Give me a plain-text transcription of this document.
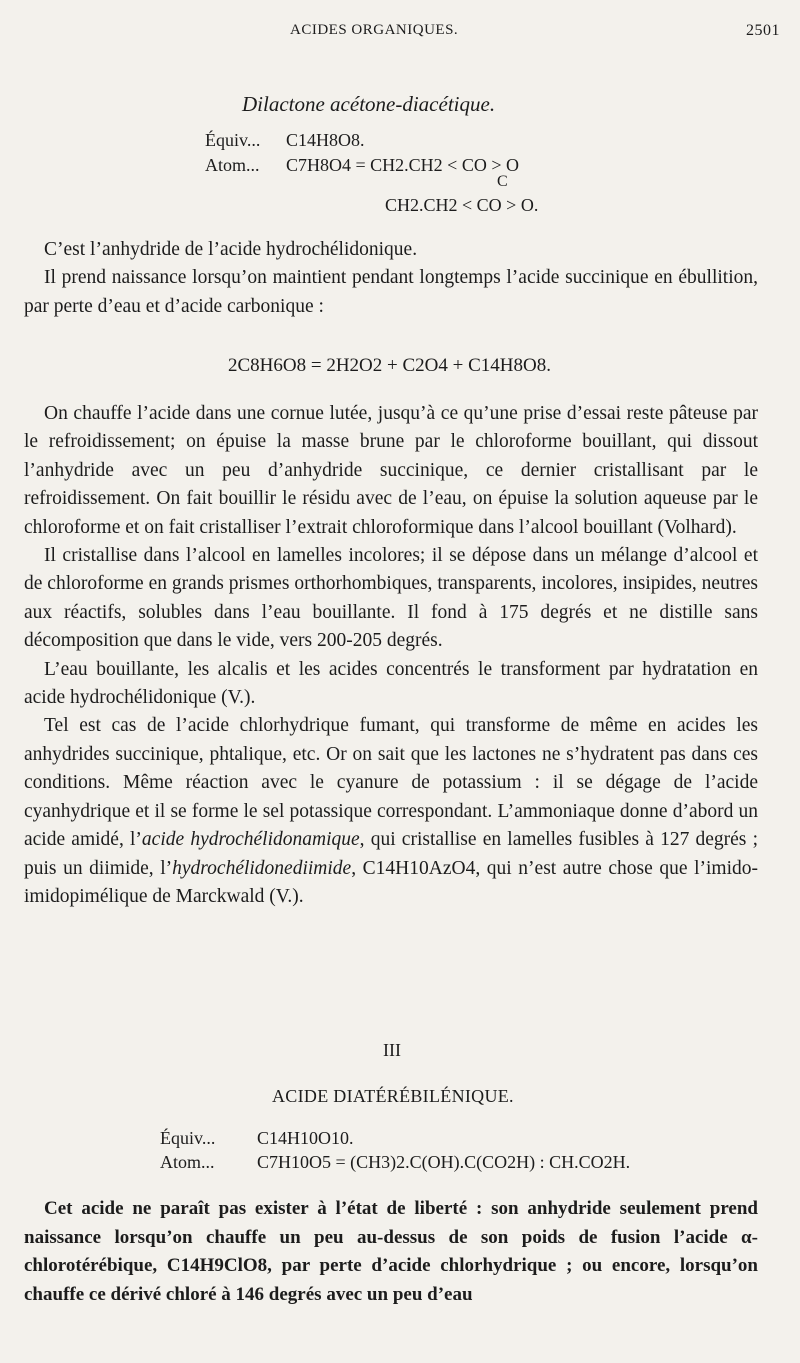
ACIDES ORGANIQUES.	2501
Dilactone acétone-diacétique.
Équiv... C14H8O8.
Atom... C7H8O4 = CH2.CH2 < CO > O
C
CH2.CH2 < CO > O.

C’est l’anhydride de l’acide hydrochélidonique.

Il prend naissance lorsqu’on maintient pendant longtemps l’acide succinique en ébullition, par perte d’eau et d’acide carbonique :

2C8H6O8 = 2H2O2 + C2O4 + C14H8O8.

On chauffe l’acide dans une cornue lutée, jusqu’à ce qu’une prise d’essai reste pâteuse par le refroidissement; on épuise la masse brune par le chloroforme bouillant, qui dissout l’anhydride avec un peu d’anhydride succinique, ce dernier cristallisant par le refroidissement. On fait bouillir le résidu avec de l’eau, on épuise la solution aqueuse par le chloroforme et on fait cristalliser l’extrait chloroformique dans l’alcool bouillant (Volhard).

Il cristallise dans l’alcool en lamelles incolores; il se dépose dans un mélange d’alcool et de chloroforme en grands prismes orthorhombiques, transparents, incolores, insipides, neutres aux réactifs, solubles dans l’eau bouillante. Il fond à 175 degrés et ne distille sans décomposition que dans le vide, vers 200-205 degrés.

L’eau bouillante, les alcalis et les acides concentrés le transforment par hydratation en acide hydrochélidonique (V.).

Tel est cas de l’acide chlorhydrique fumant, qui transforme de même en acides les anhydrides succinique, phtalique, etc. Or on sait que les lactones ne s’hydratent pas dans ces conditions. Même réaction avec le cyanure de potassium : il se dégage de l’acide cyanhydrique et il se forme le sel potassique correspondant. L’ammoniaque donne d’abord un acide amidé, l’acide hydrochélidonamique, qui cristallise en lamelles fusibles à 127 degrés ; puis un diimide, l’hydrochélidonediimide, C14H10AzO4, qui n’est autre chose que l’imido-imidopimélique de Marckwald (V.).

III
ACIDE DIATÉRÉBILÉNIQUE.
Équiv... C14H10O10.
Atom... C7H10O5 = (CH3)2.C(OH).C(CO2H) : CH.CO2H.

Cet acide ne paraît pas exister à l’état de liberté : son anhydride seulement prend naissance lorsqu’on chauffe un peu au-dessus de son poids de fusion l’acide α-chlorotérébique, C14H9ClO8, par perte d’acide chlorhydrique ; ou encore, lorsqu’on chauffe ce dérivé chloré à 146 degrés avec un peu d’eau
